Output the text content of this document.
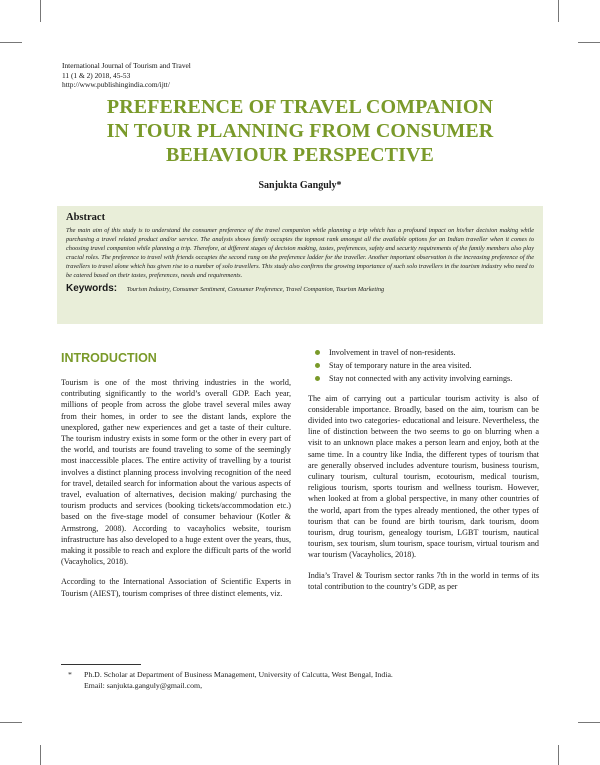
International Journal of Tourism and Travel
11 (1 & 2) 2018, 45-53
http://www.publishingindia.com/ijtt/
PREFERENCE OF TRAVEL COMPANION
IN TOUR PLANNING FROM CONSUMER
BEHAVIOUR PERSPECTIVE
Sanjukta Ganguly*
Abstract

The main aim of this study is to understand the consumer preference of the travel companion while planning a trip which has a profound impact on his/her decision making while purchasing a travel related product and/or service. The analysis shows family occupies the topmost rank amongst all the available options for an Indian traveller when it comes to choosing travel companion while planning a trip. Therefore, at different stages of decision making, tastes, preferences, safety and security requirements of the family members also play crucial roles. The preference to travel with friends occupies the second rung on the preference ladder for the traveller. Another important observation is the increasing preference of the travellers to travel alone which has given rise to a number of solo travellers. This study also confirms the growing importance of such solo travellers in the tourism industry who need to be catered based on their tastes, preferences, needs and requirements.

Keywords: Tourism Industry, Consumer Sentiment, Consumer Preference, Travel Companion, Tourism Marketing
INTRODUCTION

Tourism is one of the most thriving industries in the world, contributing significantly to the world’s overall GDP. Each year, millions of people from across the globe travel several miles away from their homes, in order to see the distant lands, explore the unexplored, gather new experiences and get a taste of their culture. The tourism industry exists in some form or the other in every part of the world, and tourists are found traveling to some of the seemingly most inaccessible places. The entire activity of travelling by a tourist involves a distinct planning process involving recognition of the need for travel, detailed search for information about the various aspects of travel, evaluation of alternatives, decision making/ purchasing the tourism products and services (booking tickets/accommodation etc.) based on the five-stage model of consumer behaviour (Kotler & Armstrong, 2008). According to vacayholics website, tourism infrastructure has also developed to a huge extent over the years, thus, making it possible to reach and explore the difficult parts of the world (Vacayholics, 2018).

According to the International Association of Scientific Experts in Tourism (AIEST), tourism comprises of three distinct elements, viz.

Involvement in travel of non-residents.
Stay of temporary nature in the area visited.
Stay not connected with any activity involving earnings.

The aim of carrying out a particular tourism activity is also of considerable importance. Broadly, based on the aim, tourism can be divided into two categories- educational and leisure. Nevertheless, the line of distinction between the two seems to go on blurring when a visit to an unknown place makes a person learn and enjoy, both at the same time. In a country like India, the different types of tourism that are generally observed includes adventure tourism, business tourism, culinary tourism, cultural tourism, ecotourism, medical tourism, religious tourism, sports tourism and wellness tourism. However, when looked at from a global perspective, in many other countries of the world, apart from the types already mentioned, the other types of tourism that can be found are birth tourism, dark tourism, doom tourism, drug tourism, genealogy tourism, LGBT tourism, nautical tourism, sex tourism, slum tourism, space tourism, virtual tourism and war tourism (Vacayholics, 2018).

India’s Travel & Tourism sector ranks 7th in the world in terms of its total contribution to the country’s GDP, as per

* Ph.D. Scholar at Department of Business Management, University of Calcutta, West Bengal, India.
Email: sanjukta.ganguly@gmail.com,
